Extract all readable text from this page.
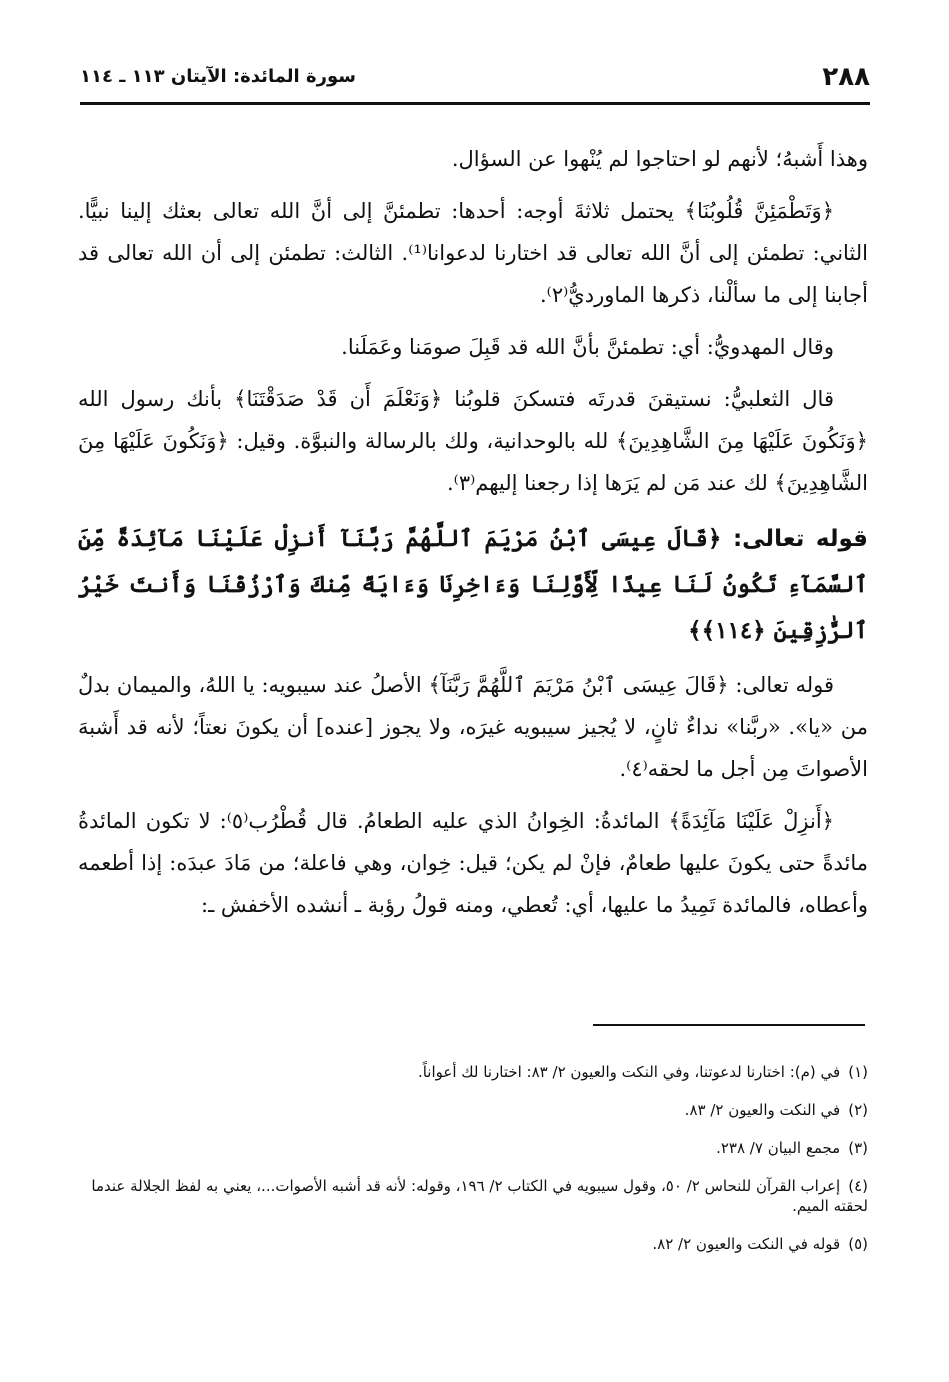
٢٨٨
سورة المائدة: الآيتان ١١٣ ـ ١١٤

وهذا أَشبهُ؛ لأنهم لو احتاجوا لم يُنْهوا عن السؤال.

﴿وَتَطْمَئِنَّ قُلُوبُنَا﴾ يحتمل ثلاثةَ أوجه: أحدها: تطمئنَّ إلى أنَّ الله تعالى بعثك إلينا نبيًّا. الثاني: تطمئن إلى أنَّ الله تعالى قد اختارنا لدعوانا⁽¹⁾. الثالث: تطمئن إلى أن الله تعالى قد أجابنا إلى ما سألْنا، ذكرها الماورديُّ⁽٢⁾.

وقال المهدويُّ: أي: تطمئنَّ بأنَّ الله قد قَبِلَ صومَنا وعَمَلَنا.

قال الثعلبيُّ: نستيقنَ قدرتَه فتسكنَ قلوبُنا ﴿وَنَعْلَمَ أَن قَدْ صَدَقْتَنَا﴾ بأنك رسول الله ﴿وَنَكُونَ عَلَيْهَا مِنَ الشَّاهِدِينَ﴾ لله بالوحدانية، ولك بالرسالة والنبوَّة. وقيل: ﴿وَنَكُونَ عَلَيْهَا مِنَ الشَّاهِدِينَ﴾ لك عند مَن لم يَرَها إذا رجعنا إليهم⁽٣⁾.

قوله تعالى: ﴿قَالَ عِيسَى ٱبْنُ مَرْيَمَ ٱللَّهُمَّ رَبَّنَآ أَنزِلْ عَلَيْنَا مَآئِدَةً مِّنَ ٱلسَّمَآءِ تَكُونُ لَنَا عِيدًا لِّأَوَّلِنَا وَءَاخِرِنَا وَءَايَةً مِّنكَ وَٱرْزُقْنَا وَأَنتَ خَيْرُ ٱلرَّٰزِقِينَ ﴿١١٤﴾﴾

قوله تعالى: ﴿قَالَ عِيسَى ٱبْنُ مَرْيَمَ ٱللَّهُمَّ رَبَّنَآ﴾ الأصلُ عند سيبويه: يا اللهُ، والميمان بدلٌ من «يا». «ربَّنا» نداءٌ ثانٍ، لا يُجيز سيبويه غيرَه، ولا يجوز [عنده] أن يكونَ نعتاً؛ لأنه قد أَشبهَ الأصواتَ مِن أجل ما لحقه⁽٤⁾.

﴿أَنزِلْ عَلَيْنَا مَآئِدَةً﴾ المائدةُ: الخِوانُ الذي عليه الطعامُ. قال قُطْرُب⁽٥⁾: لا تكون المائدةُ مائدةً حتى يكونَ عليها طعامٌ، فإنْ لم يكن؛ قيل: خِوان، وهي فاعلة؛ من مَادَ عبدَه: إذا أطعمه وأعطاه، فالمائدة تَمِيدُ ما عليها، أي: تُعطي، ومنه قولُ رؤبة ـ أنشده الأخفش ـ:

(١)في (م): اختارنا لدعوتنا، وفي النكت والعيون ٢/ ٨٣: اختارنا لك أعواناً.
(٢)في النكت والعيون ٢/ ٨٣.
(٣)مجمع البيان ٧/ ٢٣٨.
(٤)إعراب القرآن للنحاس ٢/ ٥٠، وقول سيبويه في الكتاب ٢/ ١٩٦، وقوله: لأنه قد أشبه الأصوات...، يعني به لفظ الجلالة عندما لحقته الميم.
(٥)قوله في النكت والعيون ٢/ ٨٢.
